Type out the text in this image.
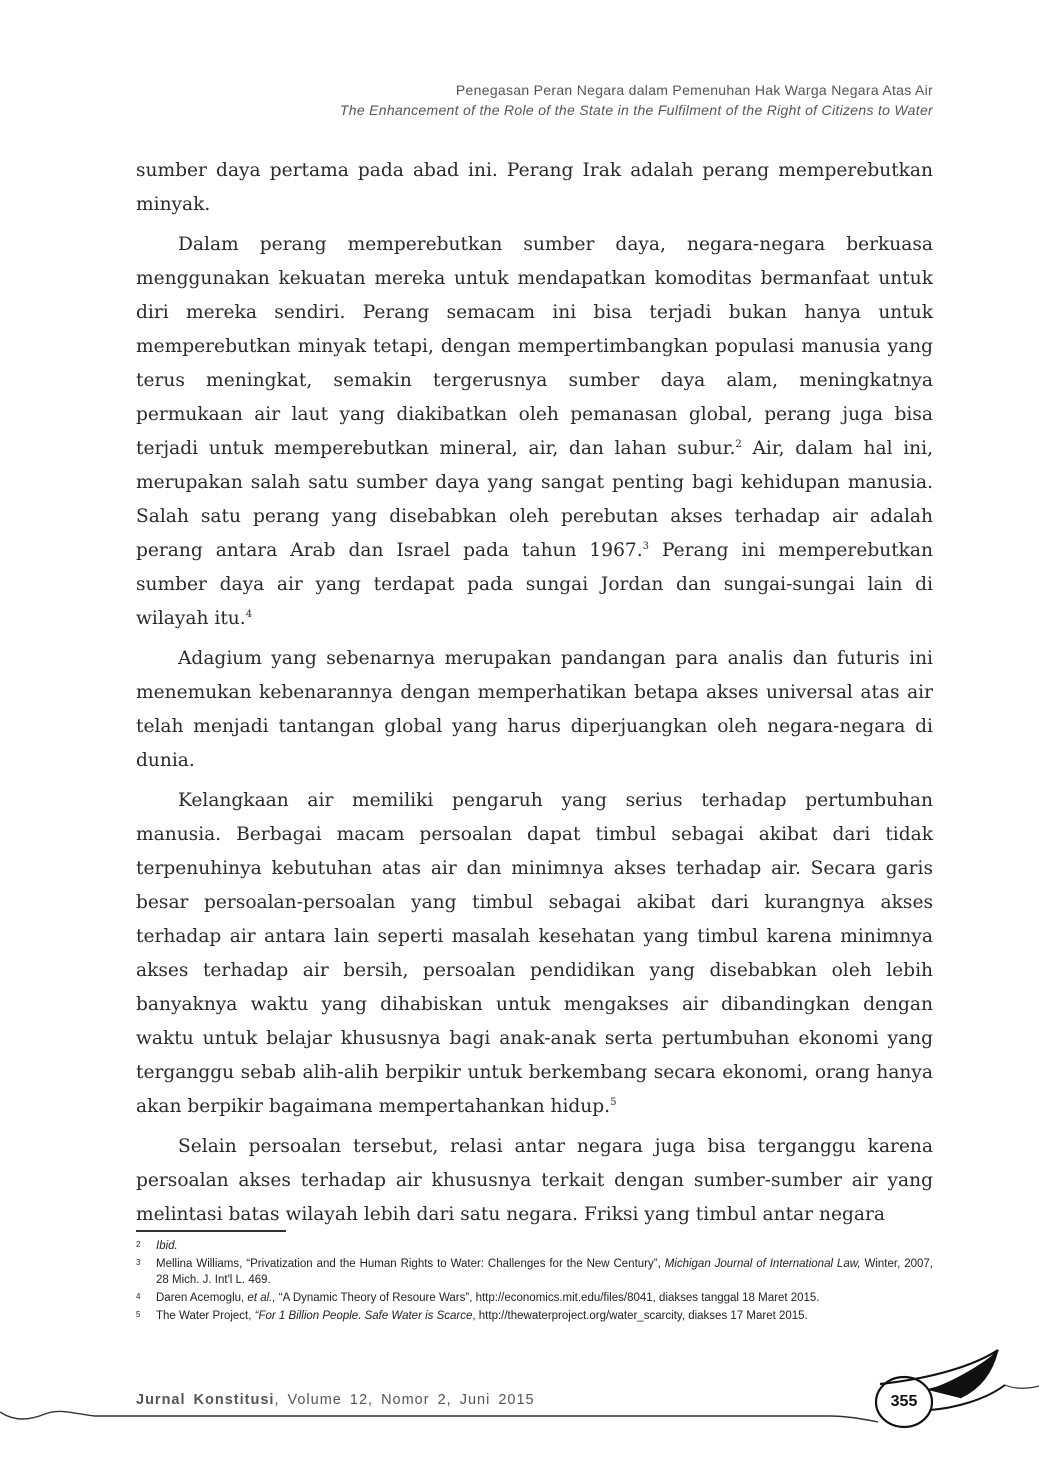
Penegasan Peran Negara dalam Pemenuhan Hak Warga Negara Atas Air
The Enhancement of the Role of the State in the Fulfilment of the Right of Citizens to Water

sumber daya pertama pada abad ini. Perang Irak adalah perang memperebutkan minyak.

Dalam perang memperebutkan sumber daya, negara-negara berkuasa menggunakan kekuatan mereka untuk mendapatkan komoditas bermanfaat untuk diri mereka sendiri. Perang semacam ini bisa terjadi bukan hanya untuk memperebutkan minyak tetapi, dengan mempertimbangkan populasi manusia yang terus meningkat, semakin tergerusnya sumber daya alam, meningkatnya permukaan air laut yang diakibatkan oleh pemanasan global, perang juga bisa terjadi untuk memperebutkan mineral, air, dan lahan subur.$^2$ Air, dalam hal ini, merupakan salah satu sumber daya yang sangat penting bagi kehidupan manusia. Salah satu perang yang disebabkan oleh perebutan akses terhadap air adalah perang antara Arab dan Israel pada tahun 1967.$^3$ Perang ini memperebutkan sumber daya air yang terdapat pada sungai Jordan dan sungai-sungai lain di wilayah itu.$^4$

Adagium yang sebenarnya merupakan pandangan para analis dan futuris ini menemukan kebenarannya dengan memperhatikan betapa akses universal atas air telah menjadi tantangan global yang harus diperjuangkan oleh negara-negara di dunia.

Kelangkaan air memiliki pengaruh yang serius terhadap pertumbuhan manusia. Berbagai macam persoalan dapat timbul sebagai akibat dari tidak terpenuhinya kebutuhan atas air dan minimnya akses terhadap air. Secara garis besar persoalan-persoalan yang timbul sebagai akibat dari kurangnya akses terhadap air antara lain seperti masalah kesehatan yang timbul karena minimnya akses terhadap air bersih, persoalan pendidikan yang disebabkan oleh lebih banyaknya waktu yang dihabiskan untuk mengakses air dibandingkan dengan waktu untuk belajar khususnya bagi anak-anak serta pertumbuhan ekonomi yang terganggu sebab alih-alih berpikir untuk berkembang secara ekonomi, orang hanya akan berpikir bagaimana mempertahankan hidup.$^5$

Selain persoalan tersebut, relasi antar negara juga bisa terganggu karena persoalan akses terhadap air khususnya terkait dengan sumber-sumber air yang melintasi batas wilayah lebih dari satu negara. Friksi yang timbul antar negara

2 Ibid.
3 Mellina Williams, “Privatization and the Human Rights to Water: Challenges for the New Century”, Michigan Journal of International Law, Winter, 2007, 28 Mich. J. Int'l L. 469.
4 Daren Acemoglu, et al., “A Dynamic Theory of Resoure Wars”, http://economics.mit.edu/files/8041, diakses tanggal 18 Maret 2015.
5 The Water Project, “For 1 Billion People. Safe Water is Scarce, http://thewaterproject.org/water_scarcity, diakses 17 Maret 2015.
355
Jurnal Konstitusi, Volume 12, Nomor 2, Juni 2015
